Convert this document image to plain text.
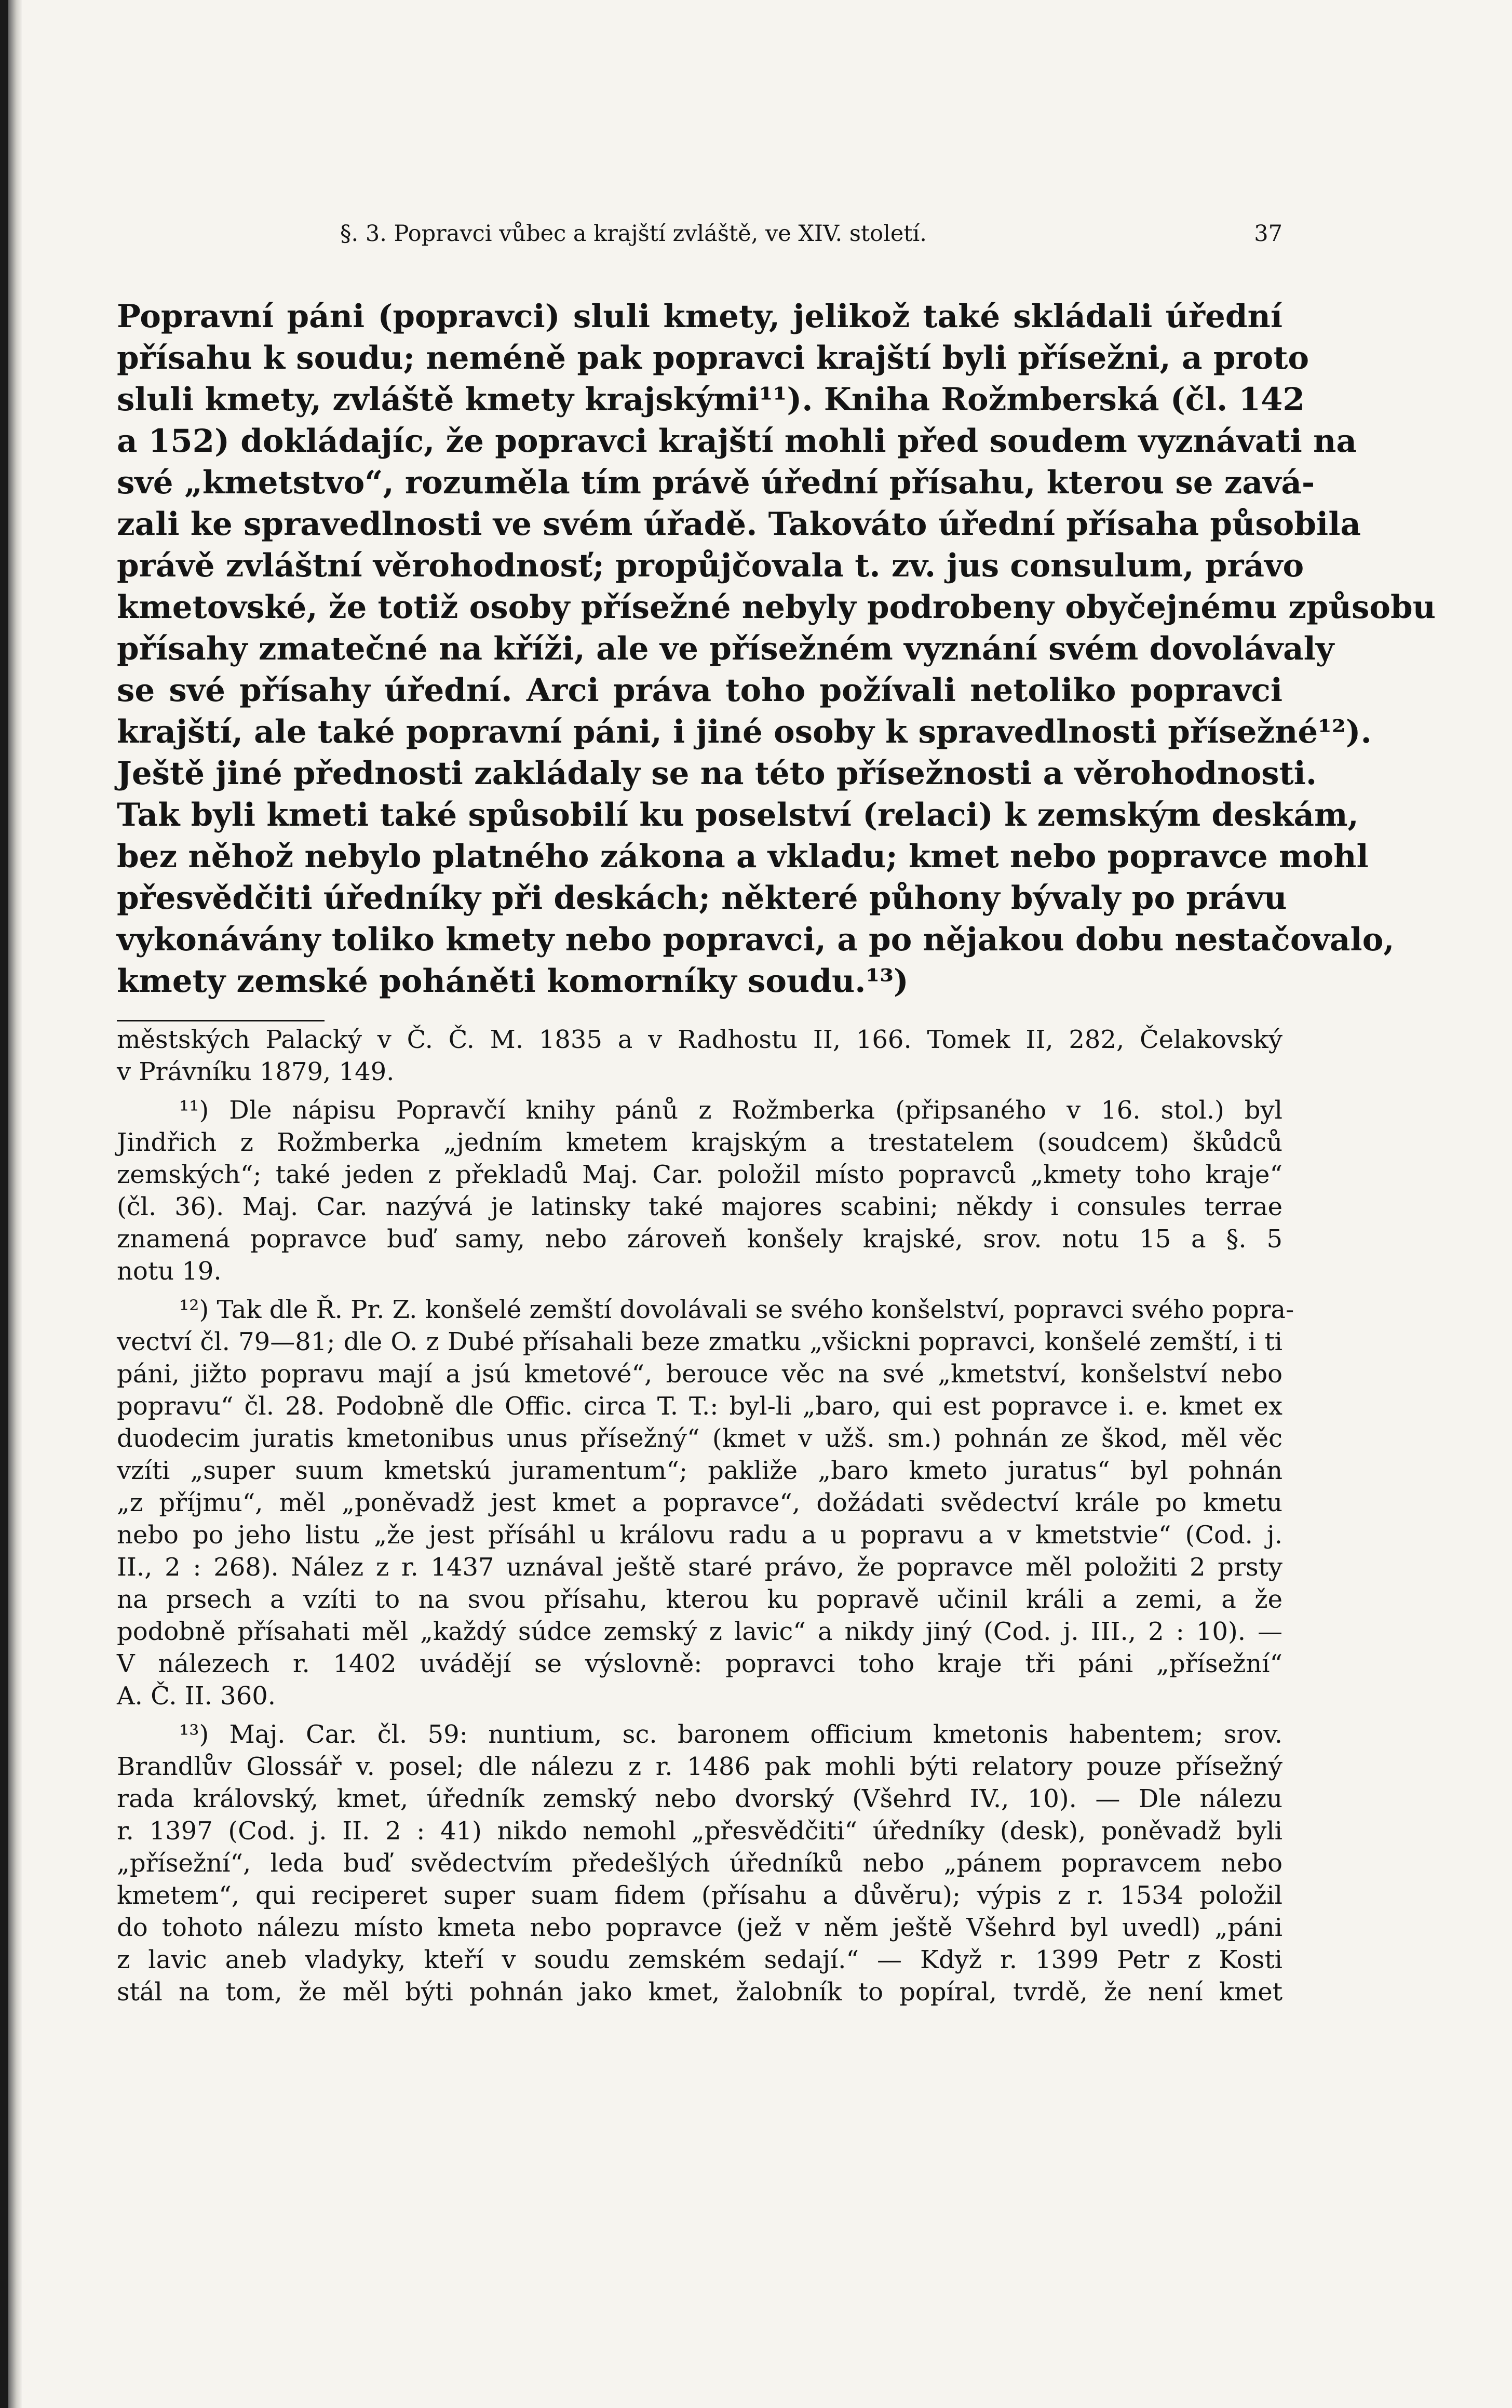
§. 3. Popravci vůbec a krajští zvláště, ve XIV. století.	37
Popravní páni (popravci) sluli kmety, jelikož také skládali úřední
přísahu k soudu; neméně pak popravci krajští byli přísežni, a proto
sluli kmety, zvláště kmety krajskými¹¹). Kniha Rožmberská (čl. 142
a 152) dokládajíc, že popravci krajští mohli před soudem vyznávati na
své „kmetstvo“, rozuměla tím právě úřední přísahu, kterou se zavá-
zali ke spravedlnosti ve svém úřadě. Takováto úřední přísaha působila
právě zvláštní věrohodnosť; propůjčovala t. zv. jus consulum, právo
kmetovské, že totiž osoby přísežné nebyly podrobeny obyčejnému způsobu
přísahy zmatečné na kříži, ale ve přísežném vyznání svém dovolávaly
se své přísahy úřední. Arci práva toho požívali netoliko popravci
krajští, ale také popravní páni, i jiné osoby k spravedlnosti přísežné¹²).
Ještě jiné přednosti zakládaly se na této přísežnosti a věrohodnosti.
Tak byli kmeti také spůsobilí ku poselství (relaci) k zemským deskám,
bez něhož nebylo platného zákona a vkladu; kmet nebo popravce mohl
přesvědčiti úředníky při deskách; některé půhony bývaly po právu
vykonávány toliko kmety nebo popravci, a po nějakou dobu nestačovalo,
kmety zemské poháněti komorníky soudu.¹³)
městských Palacký v Č. Č. M. 1835 a v Radhostu II, 166. Tomek II, 282, Čelakovský
v Právníku 1879, 149.
¹¹) Dle nápisu Popravčí knihy pánů z Rožmberka (připsaného v 16. stol.) byl
Jindřich z Rožmberka „jedním kmetem krajským a trestatelem (soudcem) škůdců
zemských“; také jeden z překladů Maj. Car. položil místo popravců „kmety toho kraje“
(čl. 36). Maj. Car. nazývá je latinsky také majores scabini; někdy i consules terrae
znamená popravce buď samy, nebo zároveň konšely krajské, srov. notu 15 a §. 5
notu 19.
¹²) Tak dle Ř. Pr. Z. konšelé zemští dovolávali se svého konšelství, popravci svého popra-
vectví čl. 79—81; dle O. z Dubé přísahali beze zmatku „všickni popravci, konšelé zemští, i ti
páni, jižto popravu mají a jsú kmetové“, berouce věc na své „kmetství, konšelství nebo
popravu“ čl. 28. Podobně dle Offic. circa T. T.: byl-li „baro, qui est popravce i. e. kmet ex
duodecim juratis kmetonibus unus přísežný“ (kmet v užš. sm.) pohnán ze škod, měl věc
vzíti „super suum kmetskú juramentum“; pakliže „baro kmeto juratus“ byl pohnán
„z příjmu“, měl „poněvadž jest kmet a popravce“, dožádati svědectví krále po kmetu
nebo po jeho listu „že jest přísáhl u královu radu a u popravu a v kmetstvie“ (Cod. j.
II., 2 : 268). Nález z r. 1437 uznával ještě staré právo, že popravce měl položiti 2 prsty
na prsech a vzíti to na svou přísahu, kterou ku popravě učinil králi a zemi, a že
podobně přísahati měl „každý súdce zemský z lavic“ a nikdy jiný (Cod. j. III., 2 : 10). —
V nálezech r. 1402 uvádějí se výslovně: popravci toho kraje tři páni „přísežní“
A. Č. II. 360.
¹³) Maj. Car. čl. 59: nuntium, sc. baronem officium kmetonis habentem; srov.
Brandlův Glossář v. posel; dle nálezu z r. 1486 pak mohli býti relatory pouze přísežný
rada královský, kmet, úředník zemský nebo dvorský (Všehrd IV., 10). — Dle nálezu
r. 1397 (Cod. j. II. 2 : 41) nikdo nemohl „přesvědčiti“ úředníky (desk), poněvadž byli
„přísežní“, leda buď svědectvím předešlých úředníků nebo „pánem popravcem nebo
kmetem“, qui reciperet super suam fidem (přísahu a důvěru); výpis z r. 1534 položil
do tohoto nálezu místo kmeta nebo popravce (jež v něm ještě Všehrd byl uvedl) „páni
z lavic aneb vladyky, kteří v soudu zemském sedají.“ — Když r. 1399 Petr z Kosti
stál na tom, že měl býti pohnán jako kmet, žalobník to popíral, tvrdě, že není kmet
